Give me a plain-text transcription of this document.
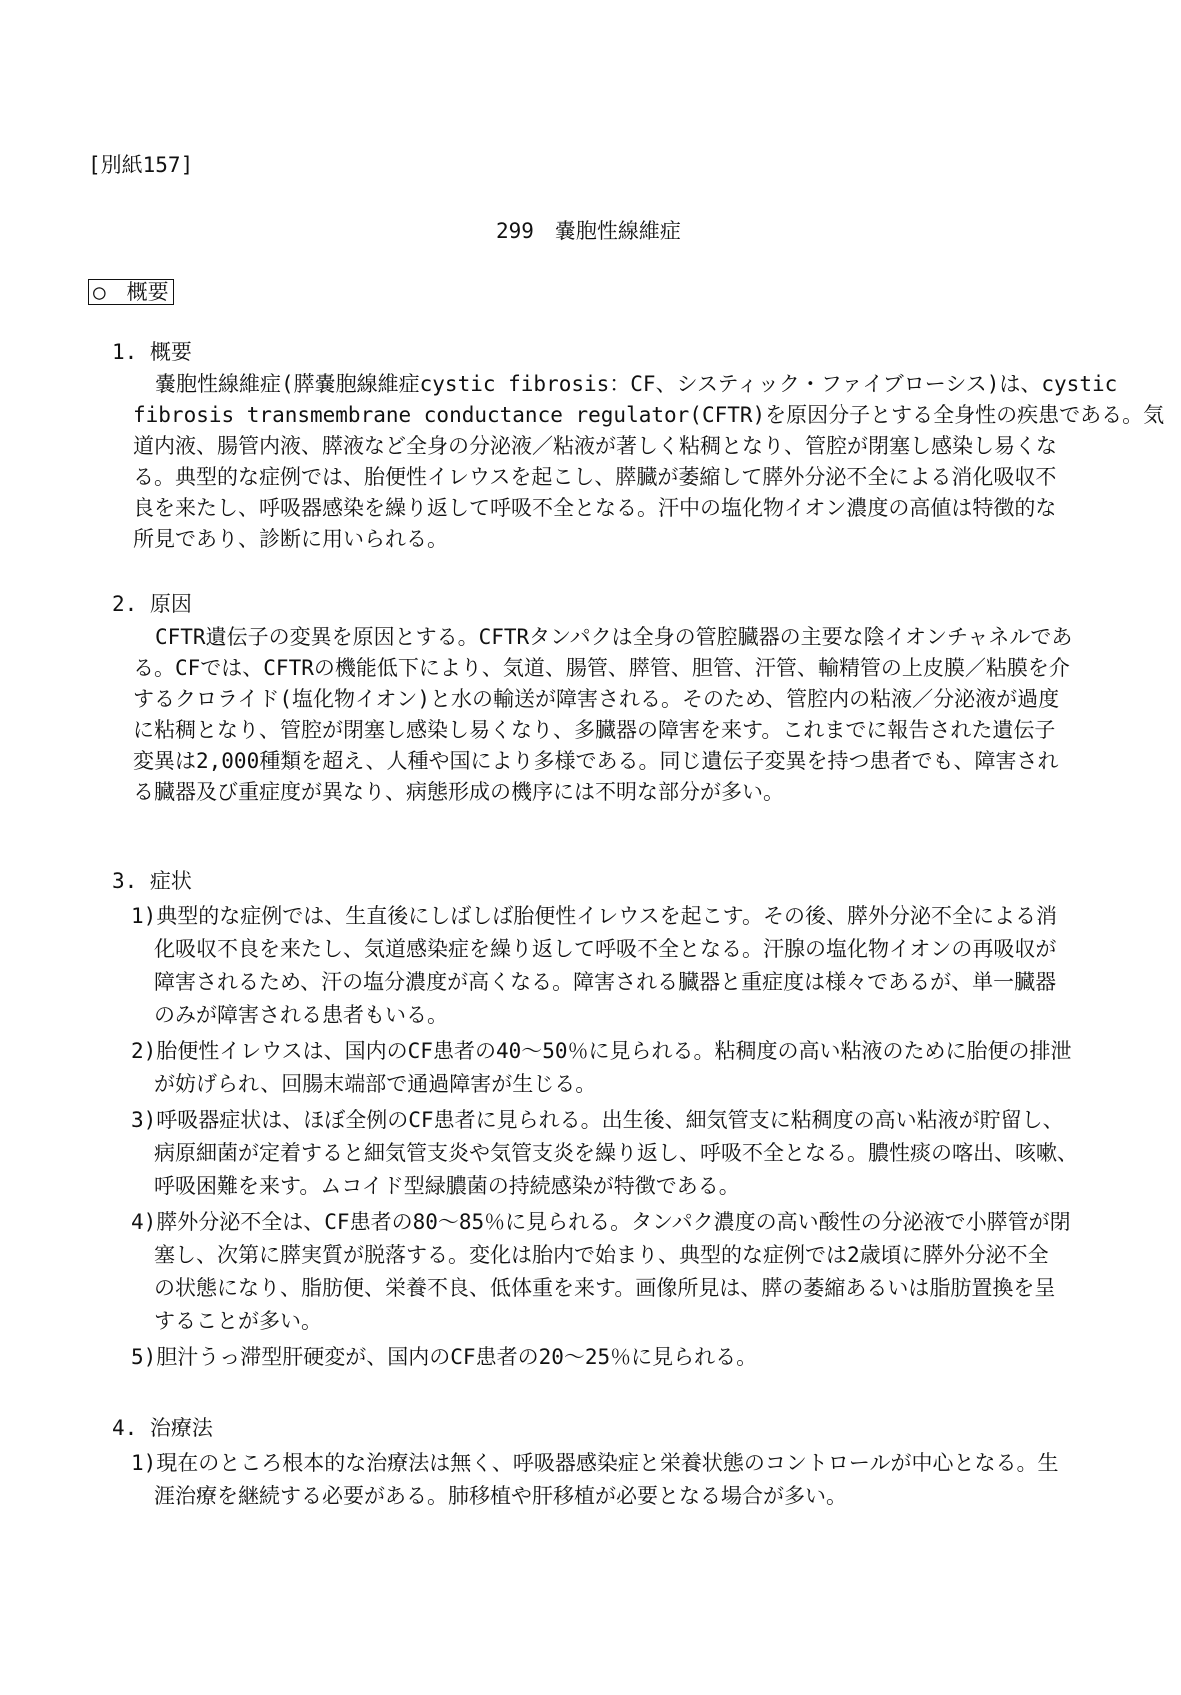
[別紙157]
299　嚢胞性線維症
○　概要
1. 概要
嚢胞性線維症(膵嚢胞線維症cystic fibrosis：CF、システィック・ファイブローシス)は、cystic
fibrosis transmembrane conductance regulator(CFTR)を原因分子とする全身性の疾患である。気
道内液、腸管内液、膵液など全身の分泌液／粘液が著しく粘稠となり、管腔が閉塞し感染し易くな
る。典型的な症例では、胎便性イレウスを起こし、膵臓が萎縮して膵外分泌不全による消化吸収不
良を来たし、呼吸器感染を繰り返して呼吸不全となる。汗中の塩化物イオン濃度の高値は特徴的な
所見であり、診断に用いられる。
2. 原因
CFTR遺伝子の変異を原因とする。CFTRタンパクは全身の管腔臓器の主要な陰イオンチャネルであ
る。CFでは、CFTRの機能低下により、気道、腸管、膵管、胆管、汗管、輸精管の上皮膜／粘膜を介
するクロライド(塩化物イオン)と水の輸送が障害される。そのため、管腔内の粘液／分泌液が過度
に粘稠となり、管腔が閉塞し感染し易くなり、多臓器の障害を来す。これまでに報告された遺伝子
変異は2,000種類を超え、人種や国により多様である。同じ遺伝子変異を持つ患者でも、障害され
る臓器及び重症度が異なり、病態形成の機序には不明な部分が多い。
3. 症状
1)典型的な症例では、生直後にしばしば胎便性イレウスを起こす。その後、膵外分泌不全による消
化吸収不良を来たし、気道感染症を繰り返して呼吸不全となる。汗腺の塩化物イオンの再吸収が
障害されるため、汗の塩分濃度が高くなる。障害される臓器と重症度は様々であるが、単一臓器
のみが障害される患者もいる。
2)胎便性イレウスは、国内のCF患者の40～50％に見られる。粘稠度の高い粘液のために胎便の排泄
が妨げられ、回腸末端部で通過障害が生じる。
3)呼吸器症状は、ほぼ全例のCF患者に見られる。出生後、細気管支に粘稠度の高い粘液が貯留し、
病原細菌が定着すると細気管支炎や気管支炎を繰り返し、呼吸不全となる。膿性痰の喀出、咳嗽、
呼吸困難を来す。ムコイド型緑膿菌の持続感染が特徴である。
4)膵外分泌不全は、CF患者の80～85％に見られる。タンパク濃度の高い酸性の分泌液で小膵管が閉
塞し、次第に膵実質が脱落する。変化は胎内で始まり、典型的な症例では2歳頃に膵外分泌不全
の状態になり、脂肪便、栄養不良、低体重を来す。画像所見は、膵の萎縮あるいは脂肪置換を呈
することが多い。
5)胆汁うっ滞型肝硬変が、国内のCF患者の20～25％に見られる。
4. 治療法
1)現在のところ根本的な治療法は無く、呼吸器感染症と栄養状態のコントロールが中心となる。生
涯治療を継続する必要がある。肺移植や肝移植が必要となる場合が多い。
